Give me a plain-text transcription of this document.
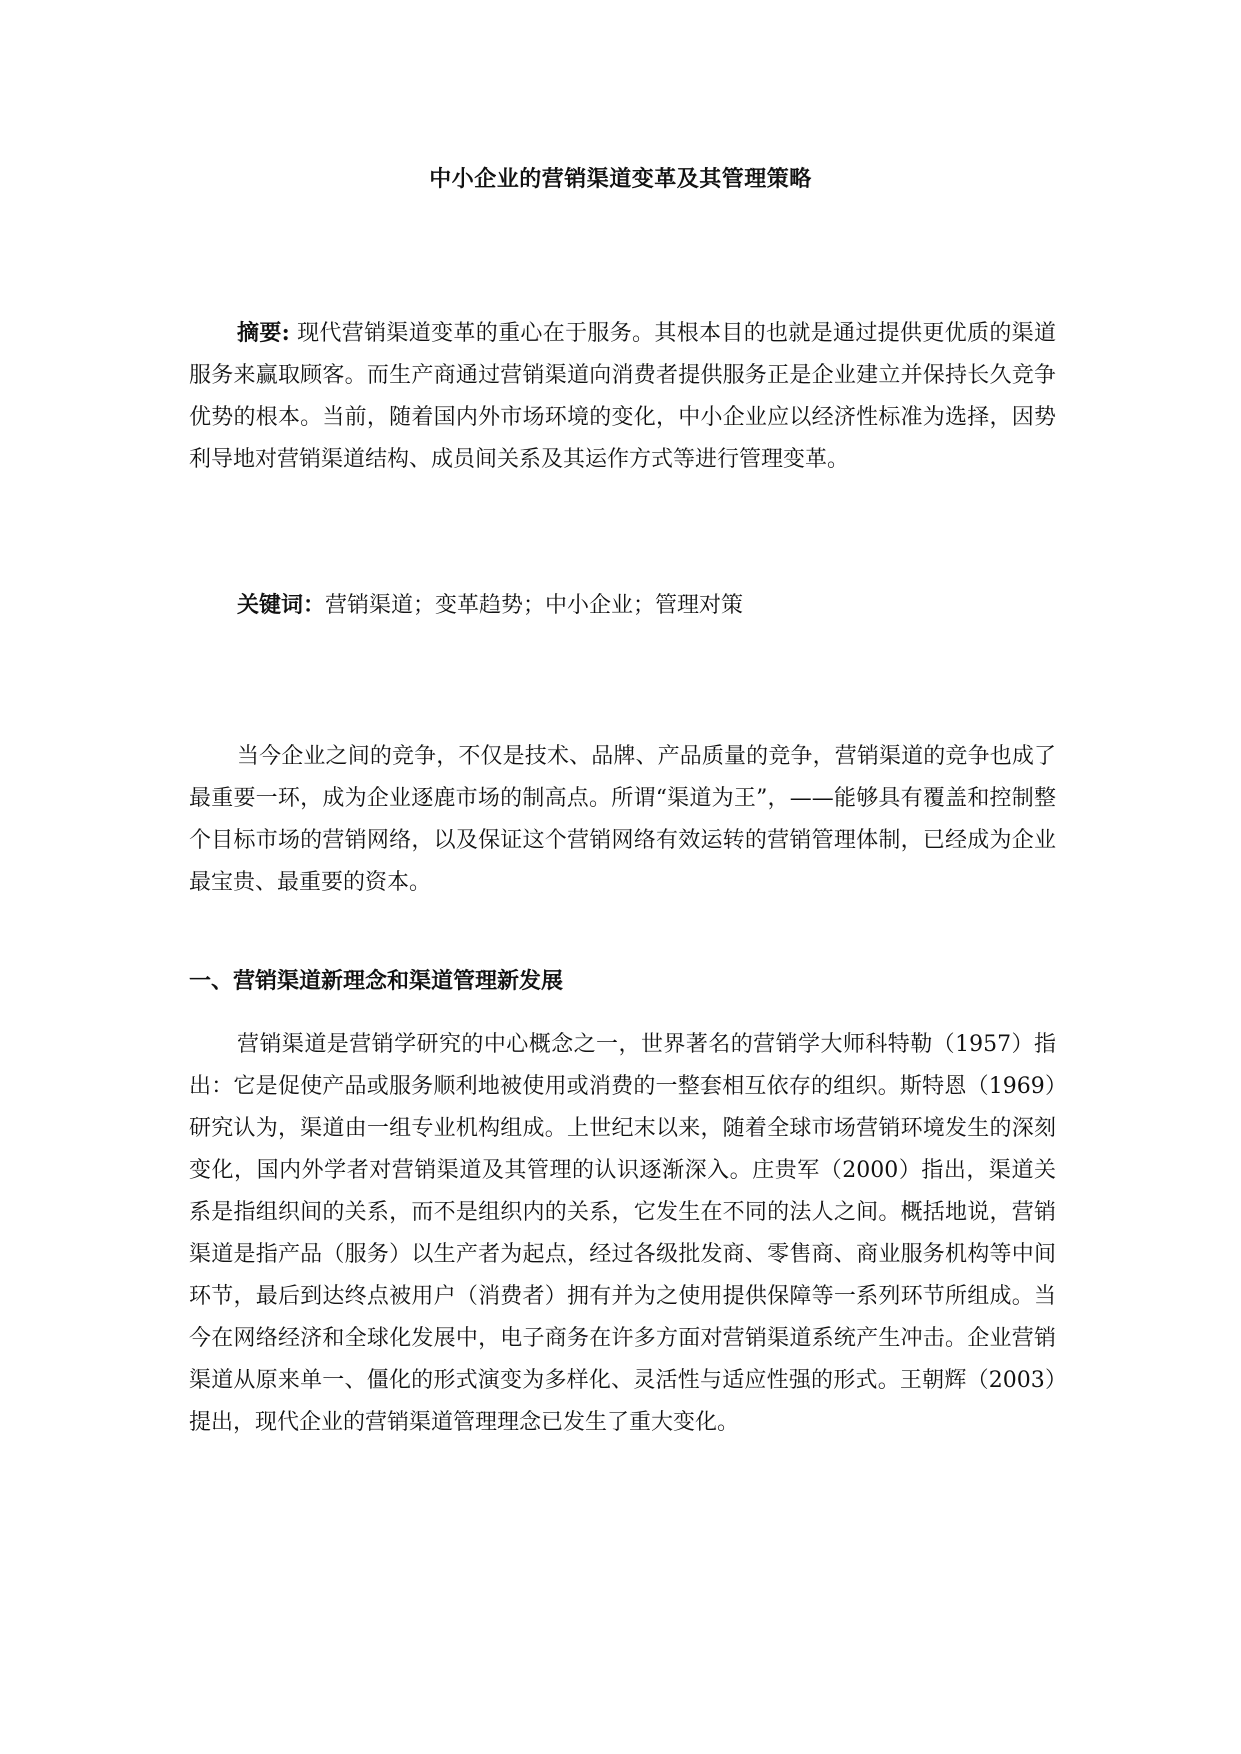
中小企业的营销渠道变革及其管理策略
摘要: 现代营销渠道变革的重心在于服务。其根本目的也就是通过提供更优质的渠道服务来赢取顾客。而生产商通过营销渠道向消费者提供服务正是企业建立并保持长久竞争优势的根本。当前，随着国内外市场环境的变化，中小企业应以经济性标准为选择，因势利导地对营销渠道结构、成员间关系及其运作方式等进行管理变革。
关键词：营销渠道；变革趋势；中小企业；管理对策
当今企业之间的竞争，不仅是技术、品牌、产品质量的竞争，营销渠道的竞争也成了最重要一环，成为企业逐鹿市场的制高点。所谓“渠道为王”，——能够具有覆盖和控制整个目标市场的营销网络，以及保证这个营销网络有效运转的营销管理体制，已经成为企业最宝贵、最重要的资本。
一、营销渠道新理念和渠道管理新发展
营销渠道是营销学研究的中心概念之一，世界著名的营销学大师科特勒（1957）指出：它是促使产品或服务顺利地被使用或消费的一整套相互依存的组织。斯特恩（1969）研究认为，渠道由一组专业机构组成。上世纪末以来，随着全球市场营销环境发生的深刻变化，国内外学者对营销渠道及其管理的认识逐渐深入。庄贵军（2000）指出，渠道关系是指组织间的关系，而不是组织内的关系，它发生在不同的法人之间。概括地说，营销渠道是指产品（服务）以生产者为起点，经过各级批发商、零售商、商业服务机构等中间环节，最后到达终点被用户（消费者）拥有并为之使用提供保障等一系列环节所组成。当今在网络经济和全球化发展中，电子商务在许多方面对营销渠道系统产生冲击。企业营销渠道从原来单一、僵化的形式演变为多样化、灵活性与适应性强的形式。王朝辉（2003）提出，现代企业的营销渠道管理理念已发生了重大变化。
